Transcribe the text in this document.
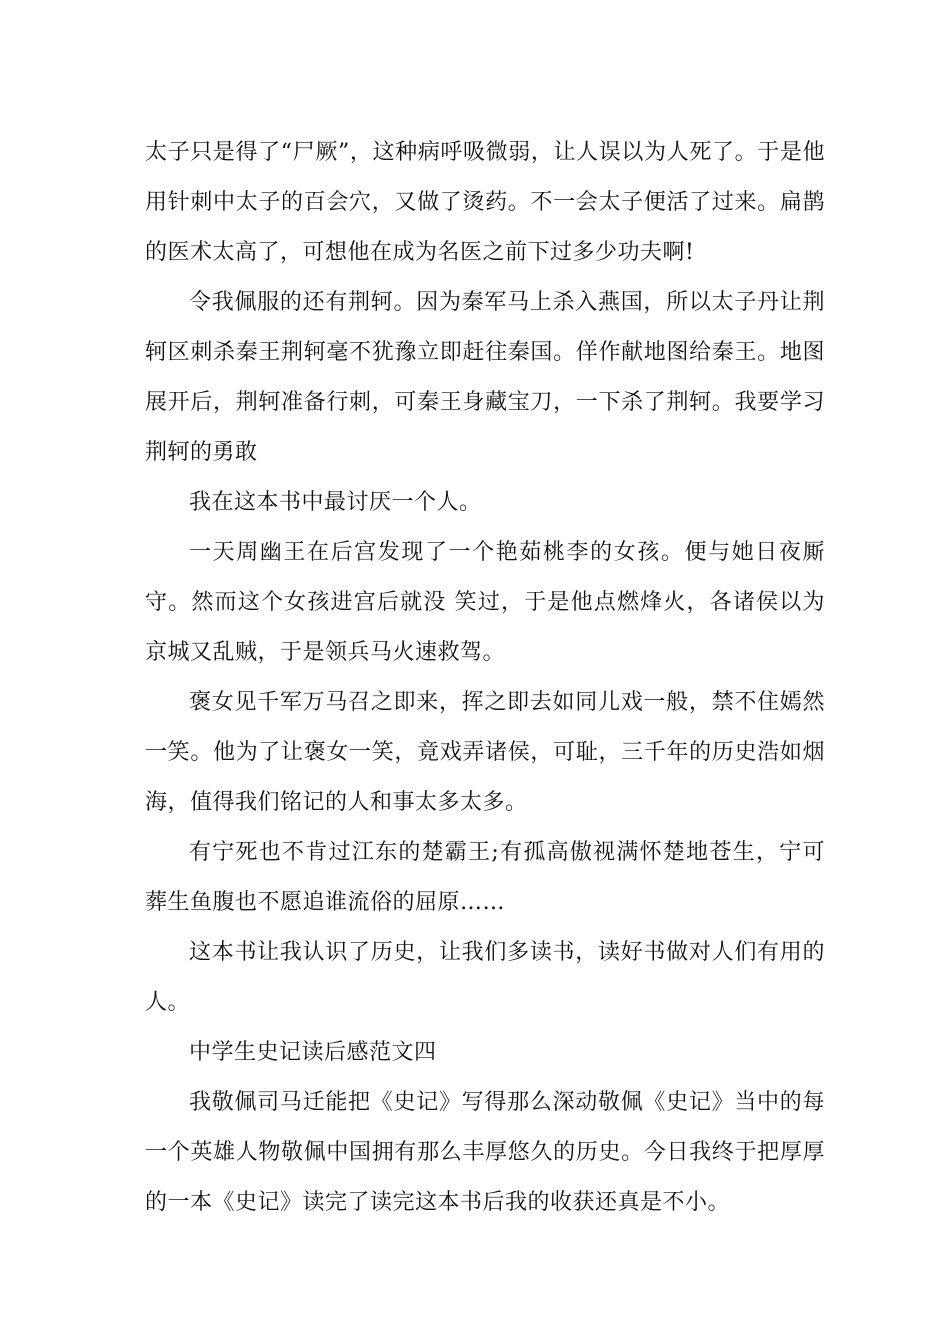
太子只是得了“尸厥”，这种病呼吸微弱，让人误以为人死了。于是他用针刺中太子的百会穴，又做了烫药。不一会太子便活了过来。扁鹊的医术太高了，可想他在成为名医之前下过多少功夫啊!

令我佩服的还有荆轲。因为秦军马上杀入燕国，所以太子丹让荆轲区刺杀秦王荆轲毫不犹豫立即赶往秦国。佯作献地图给秦王。地图展开后，荆轲准备行刺，可秦王身藏宝刀，一下杀了荆轲。我要学习荆轲的勇敢

我在这本书中最讨厌一个人。

一天周幽王在后宫发现了一个艳茹桃李的女孩。便与她日夜厮守。然而这个女孩进宫后就没 笑过，于是他点燃烽火，各诸侯以为京城又乱贼，于是领兵马火速救驾。

褒女见千军万马召之即来，挥之即去如同儿戏一般，禁不住嫣然一笑。他为了让褒女一笑，竟戏弄诸侯，可耻，三千年的历史浩如烟海，值得我们铭记的人和事太多太多。

有宁死也不肯过江东的楚霸王;有孤高傲视满怀楚地苍生，宁可葬生鱼腹也不愿追谁流俗的屈原……

这本书让我认识了历史，让我们多读书，读好书做对人们有用的人。

中学生史记读后感范文四

我敬佩司马迁能把《史记》写得那么深动敬佩《史记》当中的每一个英雄人物敬佩中国拥有那么丰厚悠久的历史。今日我终于把厚厚的一本《史记》读完了读完这本书后我的收获还真是不小。
